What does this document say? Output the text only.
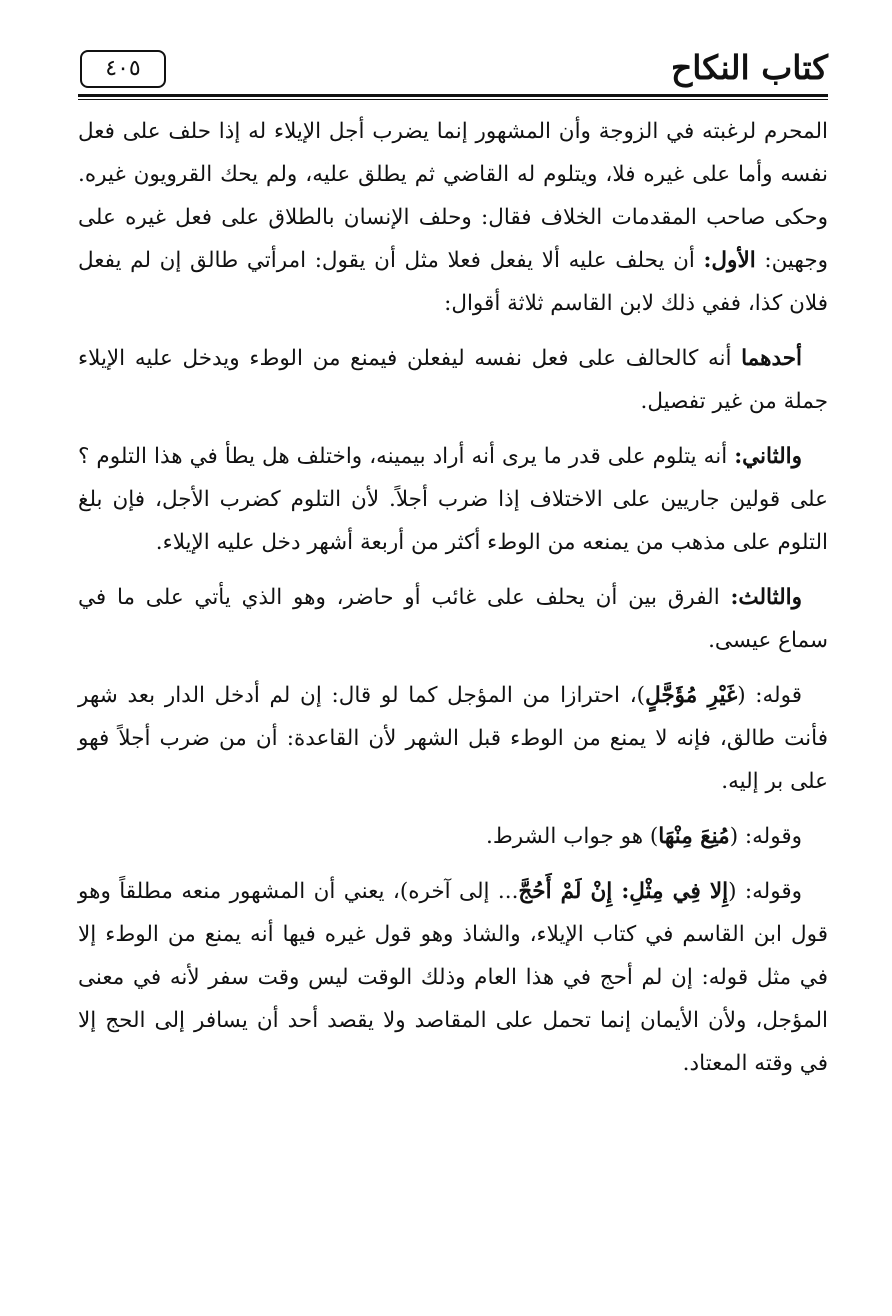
كتاب النكاح
٤٠٥

المحرم لرغبته في الزوجة وأن المشهور إنما يضرب أجل الإيلاء له إذا حلف على فعل نفسه وأما على غيره فلا، ويتلوم له القاضي ثم يطلق عليه، ولم يحك القرويون غيره. وحكى صاحب المقدمات الخلاف فقال: وحلف الإنسان بالطلاق على فعل غيره على وجهين: الأول: أن يحلف عليه ألا يفعل فعلا مثل أن يقول: امرأتي طالق إن لم يفعل فلان كذا، ففي ذلك لابن القاسم ثلاثة أقوال:

أحدهما أنه كالحالف على فعل نفسه ليفعلن فيمنع من الوطء ويدخل عليه الإيلاء جملة من غير تفصيل.

والثاني: أنه يتلوم على قدر ما يرى أنه أراد بيمينه، واختلف هل يطأ في هذا التلوم ؟ على قولين جاريين على الاختلاف إذا ضرب أجلاً. لأن التلوم كضرب الأجل، فإن بلغ التلوم على مذهب من يمنعه من الوطء أكثر من أربعة أشهر دخل عليه الإيلاء.

والثالث: الفرق بين أن يحلف على غائب أو حاضر، وهو الذي يأتي على ما في سماع عيسى.

قوله: (غَيْرِ مُؤَجَّلٍ)، احترازا من المؤجل كما لو قال: إن لم أدخل الدار بعد شهر فأنت طالق، فإنه لا يمنع من الوطء قبل الشهر لأن القاعدة: أن من ضرب أجلاً فهو على بر إليه.

وقوله: (مُنِعَ مِنْهَا) هو جواب الشرط.

وقوله: (إِلا فِي مِثْلِ: إِنْ لَمْ أَحُجَّ... إلى آخره)، يعني أن المشهور منعه مطلقاً وهو قول ابن القاسم في كتاب الإيلاء، والشاذ وهو قول غيره فيها أنه يمنع من الوطء إلا في مثل قوله: إن لم أحج في هذا العام وذلك الوقت ليس وقت سفر لأنه في معنى المؤجل، ولأن الأيمان إنما تحمل على المقاصد ولا يقصد أحد أن يسافر إلى الحج إلا في وقته المعتاد.
